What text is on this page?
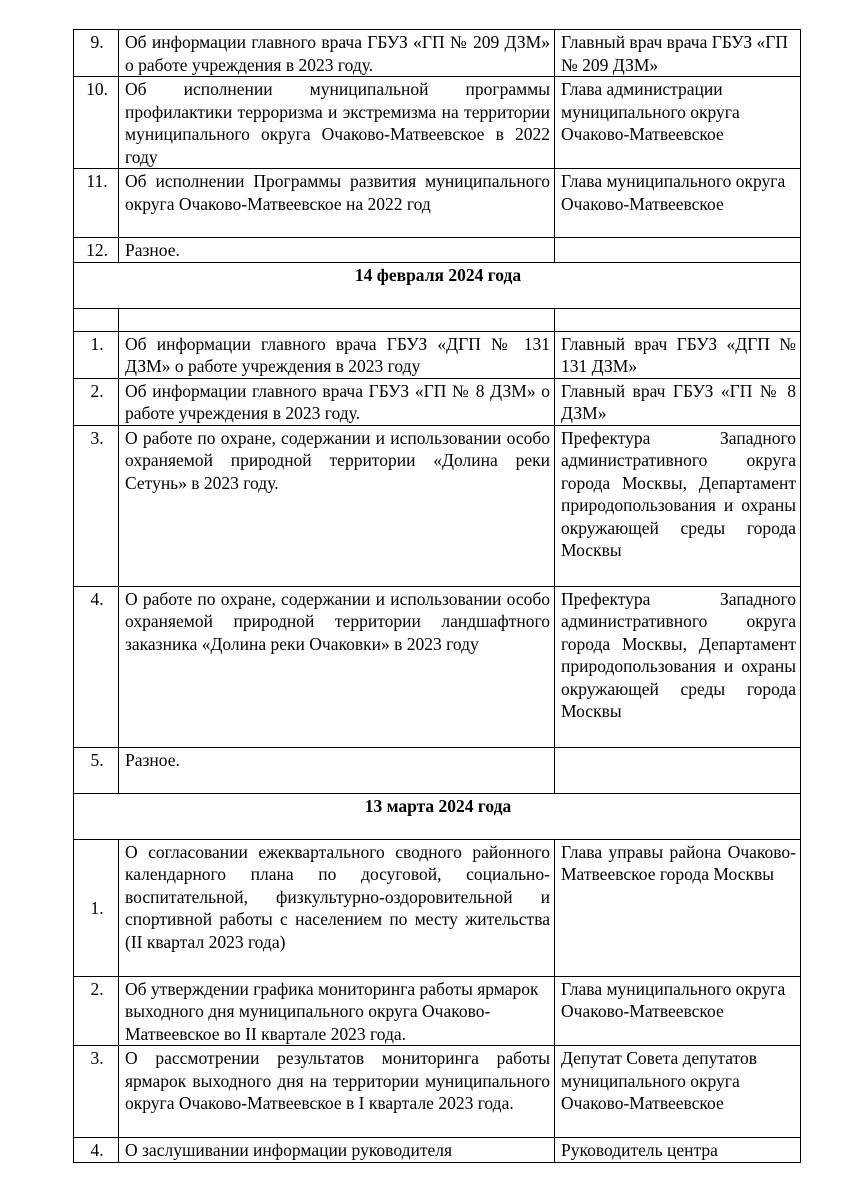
9.	Об информации главного врача ГБУЗ «ГП № 209 ДЗМ» о работе учреждения в 2023 году.	Главный врач врача ГБУЗ «ГП № 209 ДЗМ»
10.	Об исполнении муниципальной программы профилактики терроризма и экстремизма на территории муниципального округа Очаково-Матвеевское в 2022 году	Глава администрации муниципального округа Очаково-Матвеевское
11.	Об исполнении Программы развития муниципального округа Очаково-Матвеевское на 2022 год	Глава муниципального округа Очаково-Матвеевское
12.	Разное.	
14 февраля 2024 года		

1.	Об информации главного врача ГБУЗ «ДГП № 131 ДЗМ» о работе учреждения в 2023 году	Главный врач ГБУЗ «ДГП № 131 ДЗМ»
2.	Об информации главного врача ГБУЗ «ГП № 8 ДЗМ» о работе учреждения в 2023 году.	Главный врач ГБУЗ «ГП № 8 ДЗМ»
3.	О работе по охране, содержании и использовании особо охраняемой природной территории «Долина реки Сетунь» в 2023 году.	Префектура Западного административного округа города Москвы, Департамент природопользования и охраны окружающей среды города Москвы
4.	О работе по охране, содержании и использовании особо охраняемой природной территории ландшафтного заказника «Долина реки Очаковки» в 2023 году	Префектура Западного административного округа города Москвы, Департамент природопользования и охраны окружающей среды города Москвы
5.	Разное.	
13 марта 2024 года		
1.	О согласовании ежеквартального сводного районного календарного плана по досуговой, социально-воспитательной, физкультурно-оздоровительной и спортивной работы с населением по месту жительства (II квартал 2023 года)	Глава управы района Очаково-Матвеевское города Москвы
2.	Об утверждении графика мониторинга работы ярмарок выходного дня муниципального округа Очаково-Матвеевское во II квартале 2023 года.	Глава муниципального округа Очаково-Матвеевское
3.	О рассмотрении результатов мониторинга работы ярмарок выходного дня на территории муниципального округа Очаково-Матвеевское в I квартале 2023 года.	Депутат Совета депутатов муниципального округа Очаково-Матвеевское
4.	О заслушивании информации руководителя	Руководитель центра
